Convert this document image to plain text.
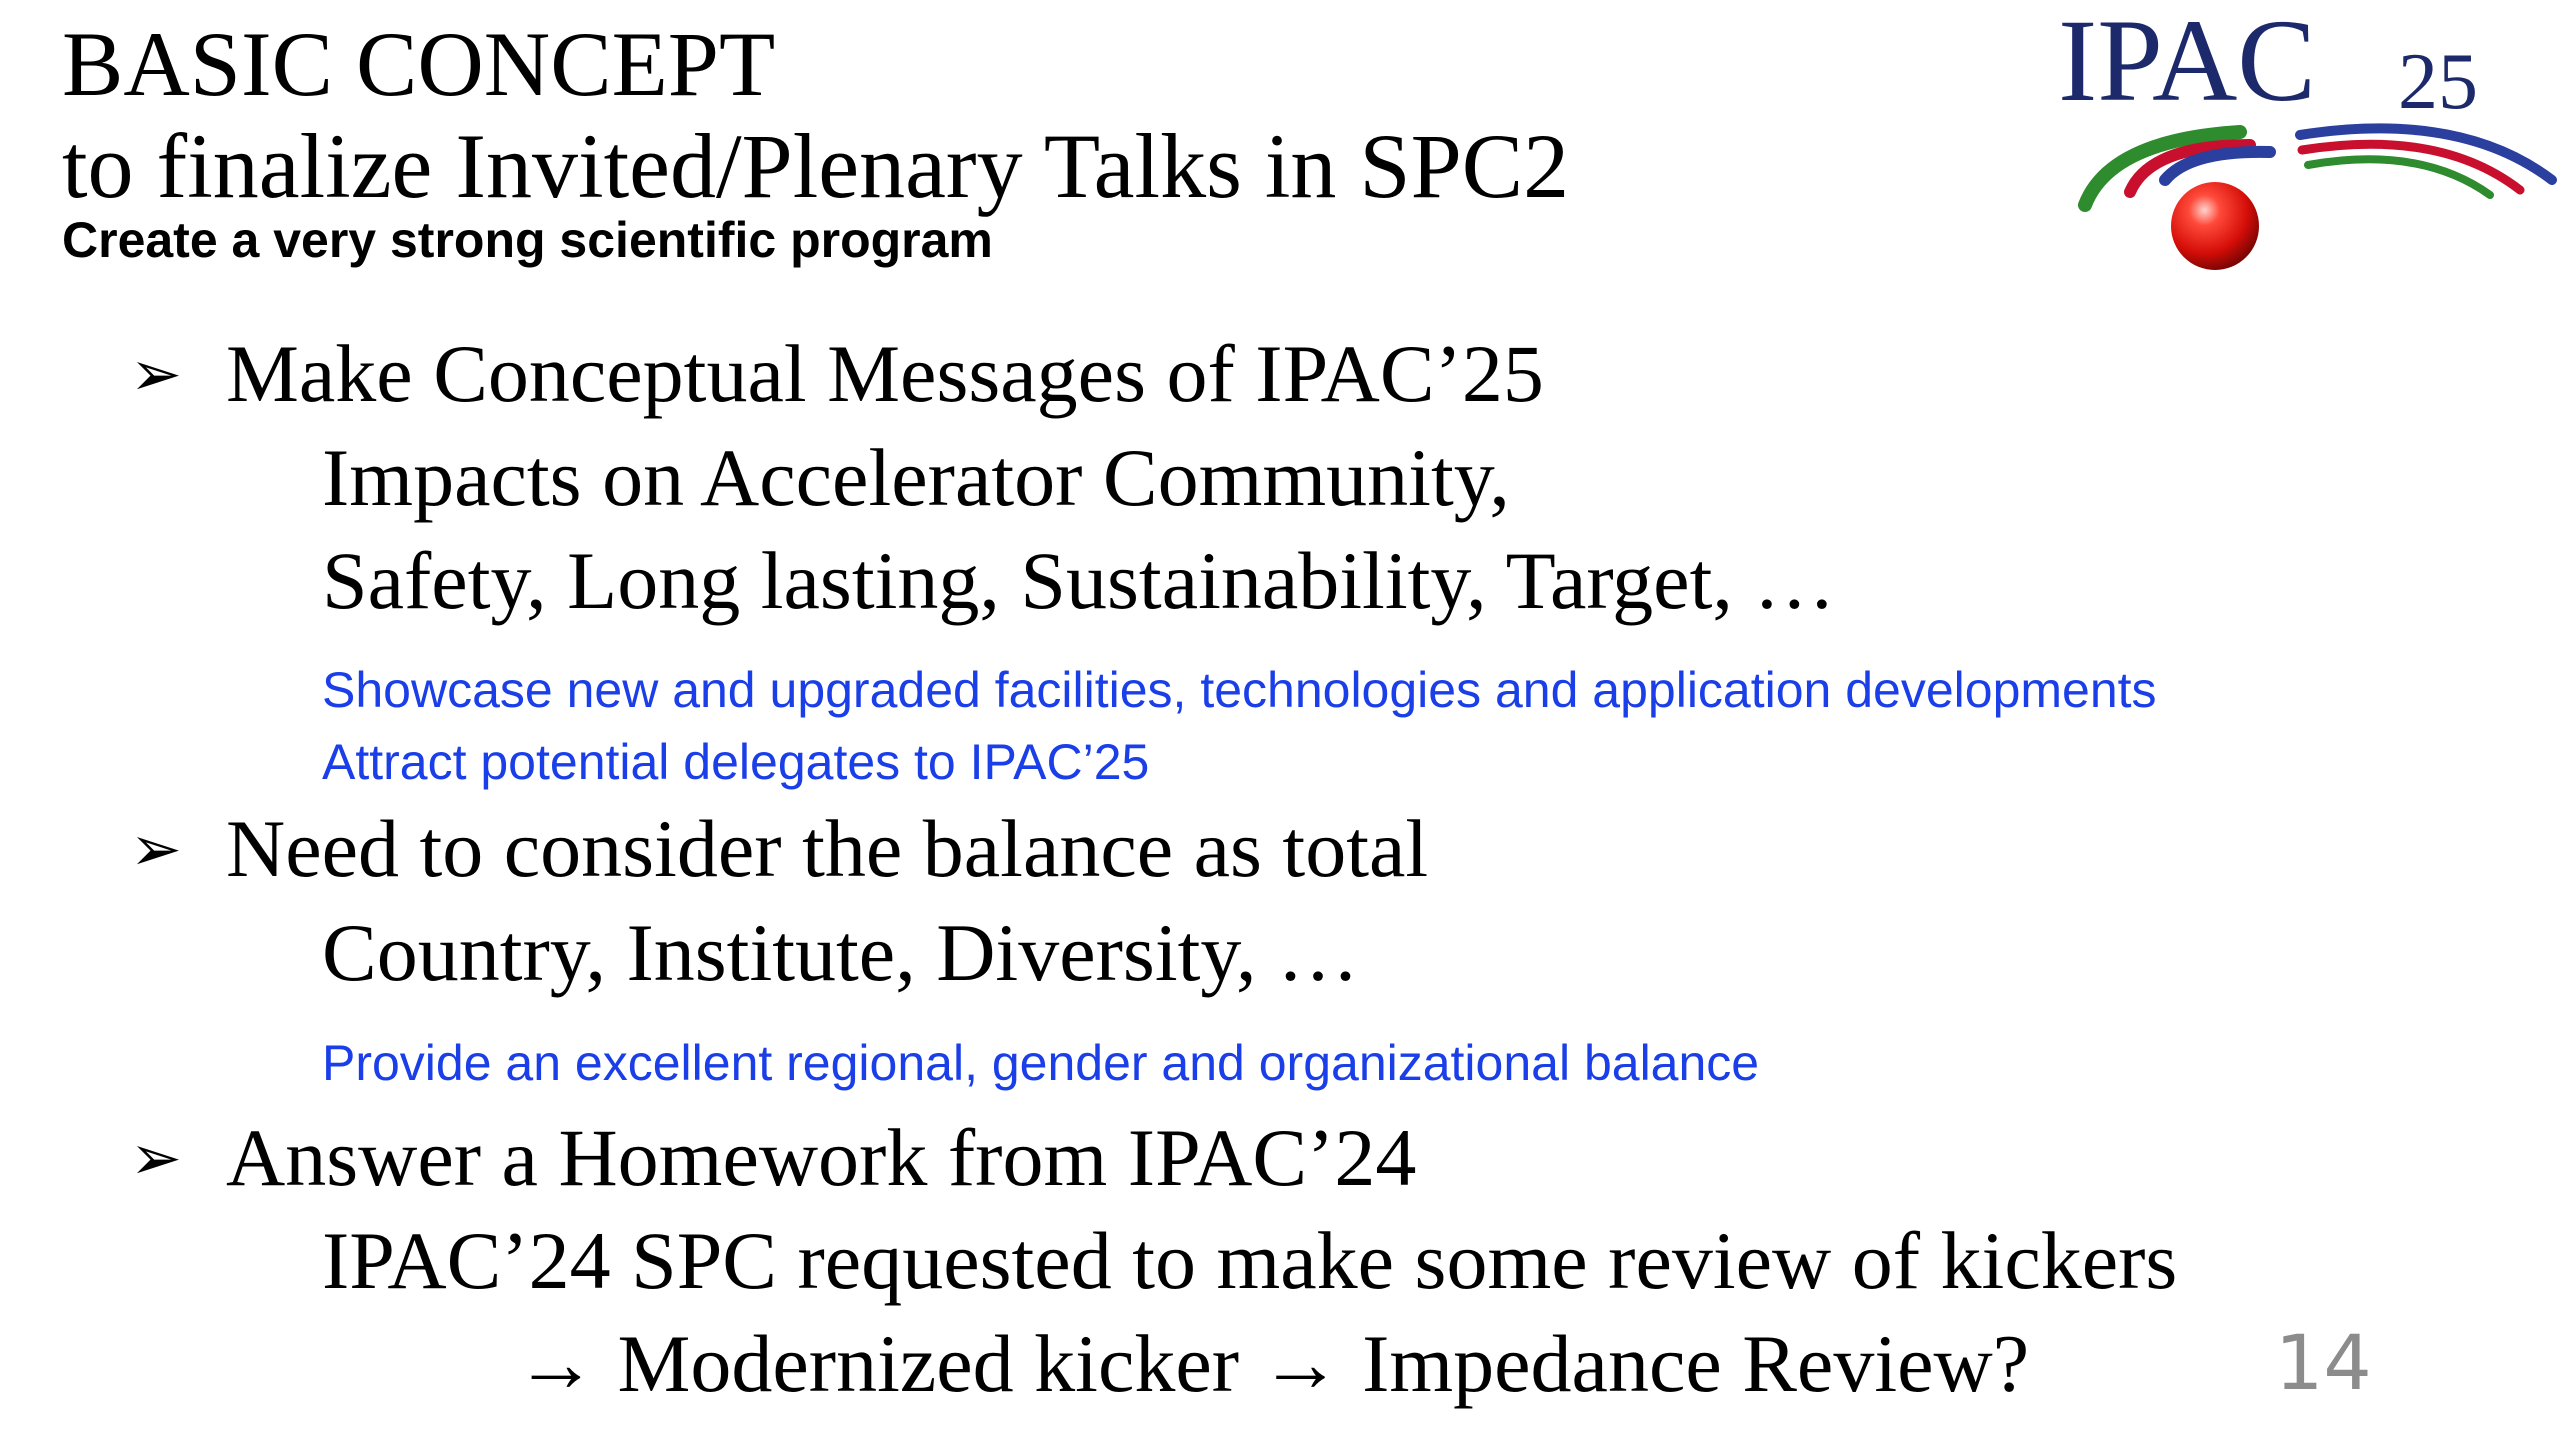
BASIC CONCEPT
to finalize Invited/Plenary Talks in SPC2
Create a very strong scientific program
IPAC 25
➢ Make Conceptual Messages of IPAC’25
Impacts on Accelerator Community,
Safety, Long lasting, Sustainability, Target, …
Showcase new and upgraded facilities, technologies and application developments
Attract potential delegates to IPAC’25
➢ Need to consider the balance as total
Country, Institute, Diversity, …
Provide an excellent regional, gender and organizational balance
➢ Answer a Homework from IPAC’24
IPAC’24 SPC requested to make some review of kickers
→ Modernized kicker → Impedance Review?	14
